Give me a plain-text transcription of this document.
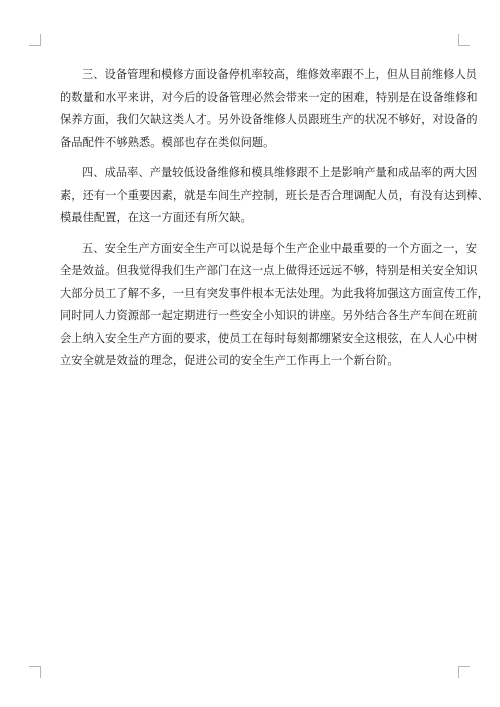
三、设备管理和模修方面设备停机率较高，维修效率跟不上，但从目前维修人员
的数量和水平来讲，对今后的设备管理必然会带来一定的困难，特别是在设备维修和
保养方面，我们欠缺这类人才。另外设备维修人员跟班生产的状况不够好，对设备的
备品配件不够熟悉。模部也存在类似问题。

四、成品率、产量较低设备维修和模具维修跟不上是影响产量和成品率的两大因
素，还有一个重要因素，就是车间生产控制，班长是否合理调配人员，有没有达到棒、
模最佳配置，在这一方面还有所欠缺。

五、安全生产方面安全生产可以说是每个生产企业中最重要的一个方面之一，安
全是效益。但我觉得我们生产部门在这一点上做得还远远不够，特别是相关安全知识
大部分员工了解不多，一旦有突发事件根本无法处理。为此我将加强这方面宣传工作，
同时同人力资源部一起定期进行一些安全小知识的讲座。另外结合各生产车间在班前
会上纳入安全生产方面的要求，使员工在每时每刻都绷紧安全这根弦，在人人心中树
立安全就是效益的理念，促进公司的安全生产工作再上一个新台阶。
